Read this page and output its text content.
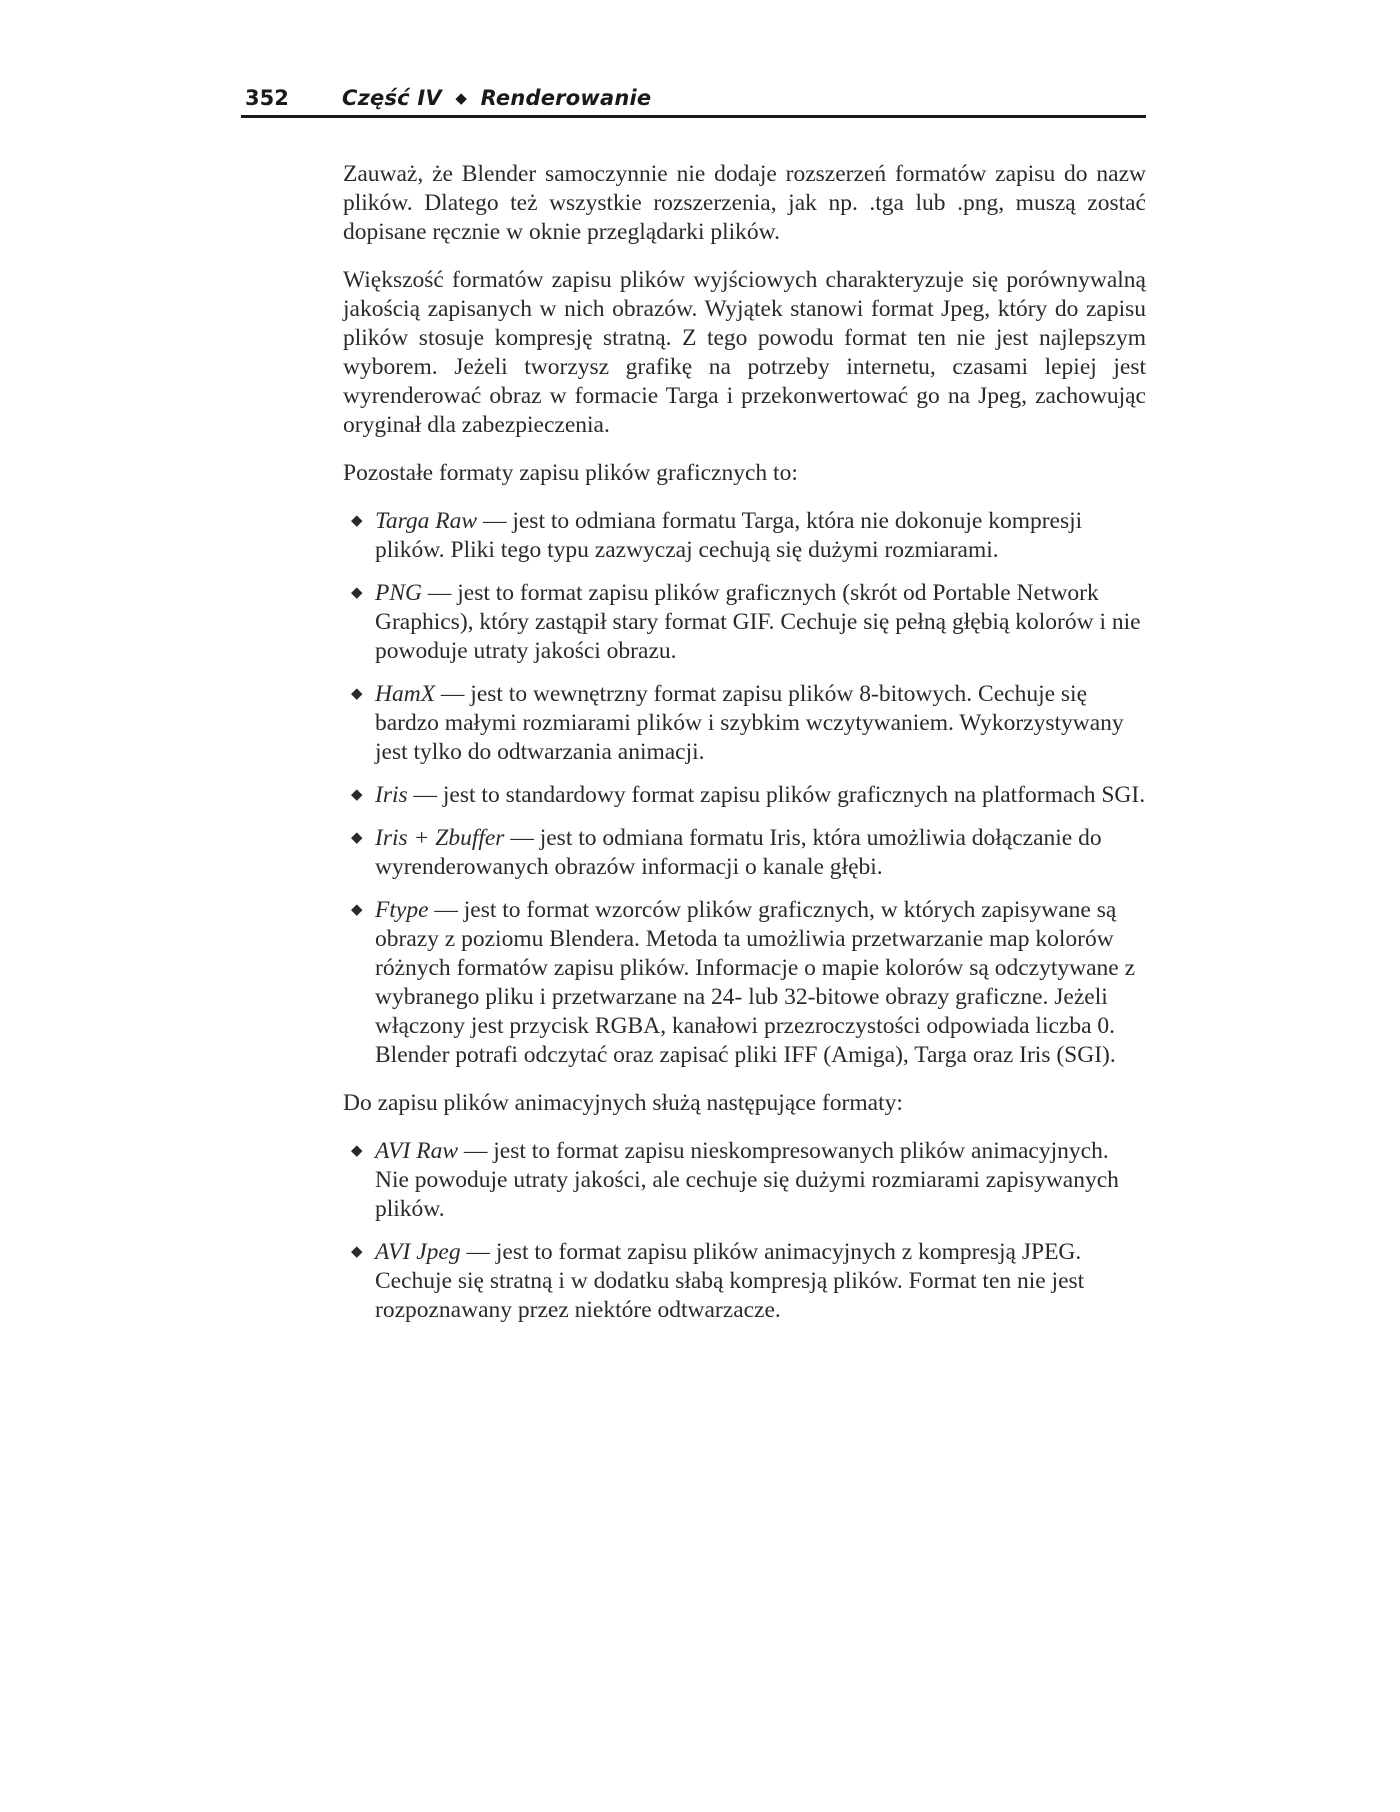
352	Część IV ◆ Renderowanie

Zauważ, że Blender samoczynnie nie dodaje rozszerzeń formatów zapisu do nazw plików. Dlatego też wszystkie rozszerzenia, jak np. .tga lub .png, muszą zostać dopisane ręcznie w oknie przeglądarki plików.

Większość formatów zapisu plików wyjściowych charakteryzuje się porównywalną jakością zapisanych w nich obrazów. Wyjątek stanowi format Jpeg, który do zapisu plików stosuje kompresję stratną. Z tego powodu format ten nie jest najlepszym wyborem. Jeżeli tworzysz grafikę na potrzeby internetu, czasami lepiej jest wyrenderować obraz w formacie Targa i przekonwertować go na Jpeg, zachowując oryginał dla zabezpieczenia.

Pozostałe formaty zapisu plików graficznych to:

◆ Targa Raw — jest to odmiana formatu Targa, która nie dokonuje kompresji plików. Pliki tego typu zazwyczaj cechują się dużymi rozmiarami.
◆ PNG — jest to format zapisu plików graficznych (skrót od Portable Network Graphics), który zastąpił stary format GIF. Cechuje się pełną głębią kolorów i nie powoduje utraty jakości obrazu.
◆ HamX — jest to wewnętrzny format zapisu plików 8-bitowych. Cechuje się bardzo małymi rozmiarami plików i szybkim wczytywaniem. Wykorzystywany jest tylko do odtwarzania animacji.
◆ Iris — jest to standardowy format zapisu plików graficznych na platformach SGI.
◆ Iris + Zbuffer — jest to odmiana formatu Iris, która umożliwia dołączanie do wyrenderowanych obrazów informacji o kanale głębi.
◆ Ftype — jest to format wzorców plików graficznych, w których zapisywane są obrazy z poziomu Blendera. Metoda ta umożliwia przetwarzanie map kolorów różnych formatów zapisu plików. Informacje o mapie kolorów są odczytywane z wybranego pliku i przetwarzane na 24- lub 32-bitowe obrazy graficzne. Jeżeli włączony jest przycisk RGBA, kanałowi przezroczystości odpowiada liczba 0. Blender potrafi odczytać oraz zapisać pliki IFF (Amiga), Targa oraz Iris (SGI).

Do zapisu plików animacyjnych służą następujące formaty:

◆ AVI Raw — jest to format zapisu nieskompresowanych plików animacyjnych. Nie powoduje utraty jakości, ale cechuje się dużymi rozmiarami zapisywanych plików.
◆ AVI Jpeg — jest to format zapisu plików animacyjnych z kompresją JPEG. Cechuje się stratną i w dodatku słabą kompresją plików. Format ten nie jest rozpoznawany przez niektóre odtwarzacze.
